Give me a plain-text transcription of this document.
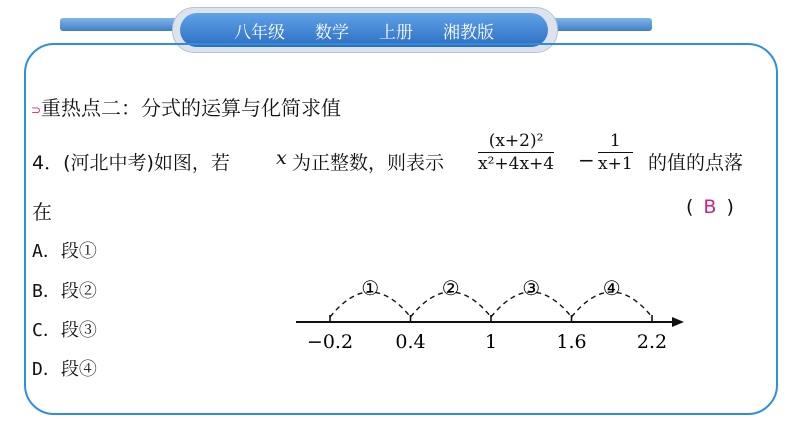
八年级 数学 上册 湘教版
⊃ 重热点二：分式的运算与化简求值
4．(河北中考)如图，若 x 为正整数，则表示
(x+2)²
x²+4x+4 −
1
x+1 的值的点落
在	( B )
A．段①
B．段②
C．段③
D．段④
−0.2 0.4	1	1.6	2.2
①	②	③	④
